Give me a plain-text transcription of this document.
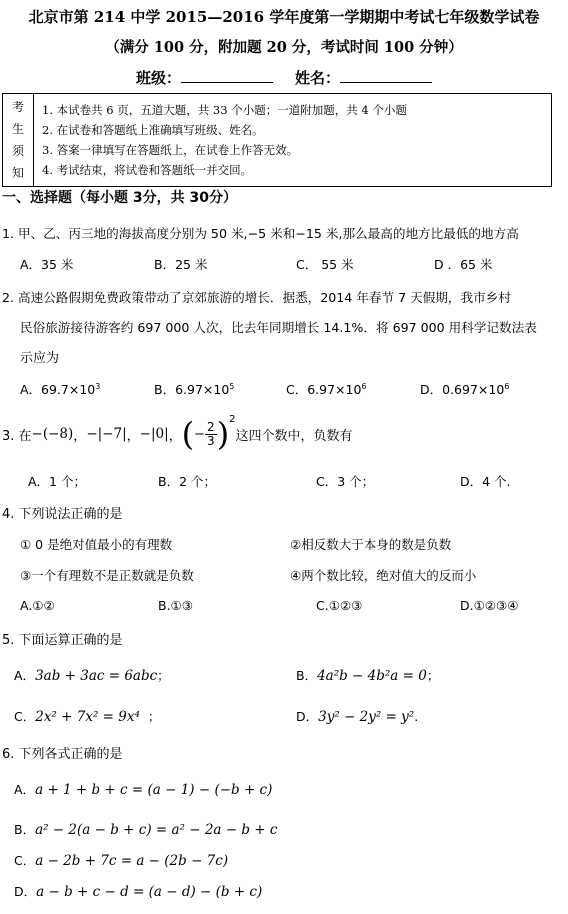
北京市第 214 中学 2015—2016 学年度第一学期期中考试七年级数学试卷
（满分 100 分，附加题 20 分，考试时间 100 分钟）
班级：	姓名：
考
生
须
知
1. 本试卷共 6 页，五道大题，共 33 个小题；一道附加题，共 4 个小题
2. 在试卷和答题纸上准确填写班级、姓名。
3. 答案一律填写在答题纸上，在试卷上作答无效。
4. 考试结束，将试卷和答题纸一并交回。
一、选择题（每小题 3分，共 30分）
1. 甲、乙、丙三地的海拔高度分别为 50 米,−5 米和−15 米,那么最高的地方比最低的地方高
A．35 米	B．25 米	C． 55 米	D ．65 米
2. 高速公路假期免费政策带动了京郊旅游的增长．据悉，2014 年春节 7 天假期，我市乡村
民俗旅游接待游客约 697 000 人次，比去年同期增长 14.1%．将 697 000 用科学记数法表
示应为
A．$69.7\times 10^3$	B．$6.97\times 10^5$	C．$6.97\times 10^6$	D．$0.697\times 10^6$
3. 在 −(−8) ， −|−7| ， −|0| ， ( − $\frac{2}{3}$ ) 2
这四个数中，负数有
A．1 个；	B．2 个；	C．3 个；	D．4 个.
4. 下列说法正确的是
① 0 是绝对值最小的有理数	②相反数大于本身的数是负数
③一个有理数不是正数就是负数	④两个数比较，绝对值大的反而小
A.①②	B.①③	C.①②③	D.①②③④
5. 下面运算正确的是
A．3ab + 3ac = 6abc；	B．4a²b − 4b²a = 0；
C．2x² + 7x² = 9x⁴ ；	D．3y² − 2y² = y².
6. 下列各式正确的是
A．a + 1 + b + c = (a − 1) − (−b + c)
B．a² − 2(a − b + c) = a² − 2a − b + c
C．a − 2b + 7c = a − (2b − 7c)
D．a − b + c − d = (a − d) − (b + c)
